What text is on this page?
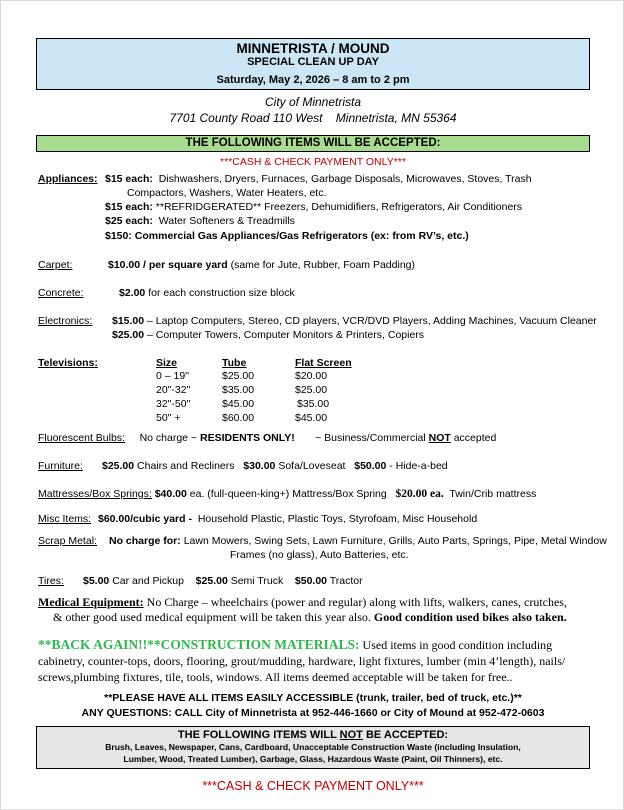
MINNETRISTA / MOUND
SPECIAL CLEAN UP DAY
Saturday, May 2, 2026 – 8 am to 2 pm
City of Minnetrista
7701 County Road 110 West    Minnetrista, MN 55364
THE FOLLOWING ITEMS WILL BE ACCEPTED:
***CASH & CHECK PAYMENT ONLY***
Appliances: $15 each: Dishwashers, Dryers, Furnaces, Garbage Disposals, Microwaves, Stoves, Trash
Compactors, Washers, Water Heaters, etc.
$15 each: **REFRIDGERATED** Freezers, Dehumidifiers, Refrigerators, Air Conditioners
$25 each: Water Softeners & Treadmills
$150: Commercial Gas Appliances/Gas Refrigerators (ex: from RV’s, etc.)
Carpet:	$10.00 / per square yard (same for Jute, Rubber, Foam Padding)
Concrete:	$2.00 for each construction size block
Electronics: $15.00 – Laptop Computers, Stereo, CD players, VCR/DVD Players, Adding Machines, Vacuum Cleaner
$25.00 – Computer Towers, Computer Monitors & Printers, Copiers
Televisions:	Size	Tube	Flat Screen
0 – 19"	$25.00	$20.00
20"-32"	$35.00	$25.00
32"-50"	$45.00	$35.00
50" +	$60.00	$45.00
Fluorescent Bulbs: No charge ~ RESIDENTS ONLY! ~ Business/Commercial NOT accepted
Furniture: $25.00 Chairs and Recliners $30.00 Sofa/Loveseat $50.00 - Hide-a-bed
Mattresses/Box Springs: $40.00 ea. (full-queen-king+) Mattress/Box Spring $20.00 ea. Twin/Crib mattress
Misc Items: $60.00/cubic yard - Household Plastic, Plastic Toys, Styrofoam, Misc Household
Scrap Metal: No charge for: Lawn Mowers, Swing Sets, Lawn Furniture, Grills, Auto Parts, Springs, Pipe, Metal Window
Frames (no glass), Auto Batteries, etc.
Tires: $5.00 Car and Pickup $25.00 Semi Truck $50.00 Tractor
Medical Equipment: No Charge – wheelchairs (power and regular) along with lifts, walkers, canes, crutches,
& other good used medical equipment will be taken this year also. Good condition used bikes also taken.
**BACK AGAIN!!**CONSTRUCTION MATERIALS: Used items in good condition including
cabinetry, counter-tops, doors, flooring, grout/mudding, hardware, light fixtures, lumber (min 4’length), nails/
screws,plumbing fixtures, tile, tools, windows. All items deemed acceptable will be taken for free..
**PLEASE HAVE ALL ITEMS EASILY ACCESSIBLE (trunk, trailer, bed of truck, etc.)**
ANY QUESTIONS: CALL City of Minnetrista at 952-446-1660 or City of Mound at 952-472-0603
THE FOLLOWING ITEMS WILL NOT BE ACCEPTED:
Brush, Leaves, Newspaper, Cans, Cardboard, Unacceptable Construction Waste (including Insulation,
Lumber, Wood, Treated Lumber), Garbage, Glass, Hazardous Waste (Paint, Oil Thinners), etc.
***CASH & CHECK PAYMENT ONLY***
